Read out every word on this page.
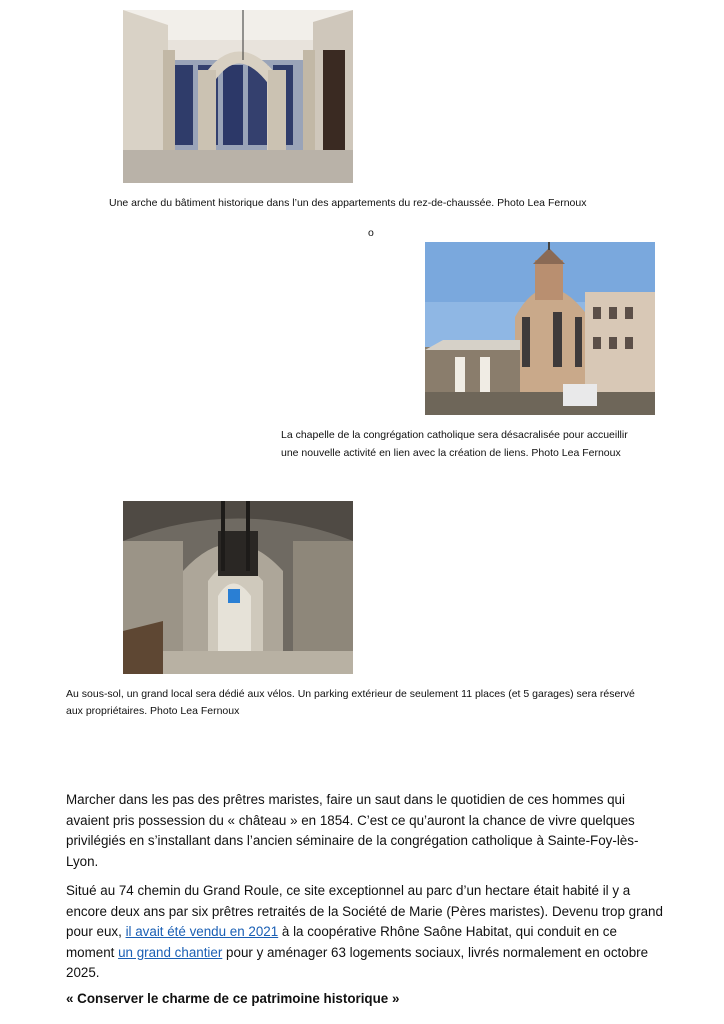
Une arche du bâtiment historique dans l’un des appartements du rez-de-chaussée. Photo Lea Fernoux
o
La chapelle de la congrégation catholique sera désacralisée pour accueillir
une nouvelle activité en lien avec la création de liens. Photo Lea Fernoux
Au sous-sol, un grand local sera dédié aux vélos. Un parking extérieur de seulement 11 places (et 5 garages) sera réservé
aux propriétaires. Photo Lea Fernoux

Marcher dans les pas des prêtres maristes, faire un saut dans le quotidien de ces hommes qui avaient pris possession du « château » en 1854. C’est ce qu’auront la chance de vivre quelques privilégiés en s’installant dans l’ancien séminaire de la congrégation catholique à Sainte-Foy-lès-Lyon.

Situé au 74 chemin du Grand Roule, ce site exceptionnel au parc d’un hectare était habité il y a encore deux ans par six prêtres retraités de la Société de Marie (Pères maristes). Devenu trop grand pour eux, il avait été vendu en 2021 à la coopérative Rhône Saône Habitat, qui conduit en ce moment un grand chantier pour y aménager 63 logements sociaux, livrés normalement en octobre 2025.

« Conserver le charme de ce patrimoine historique »
